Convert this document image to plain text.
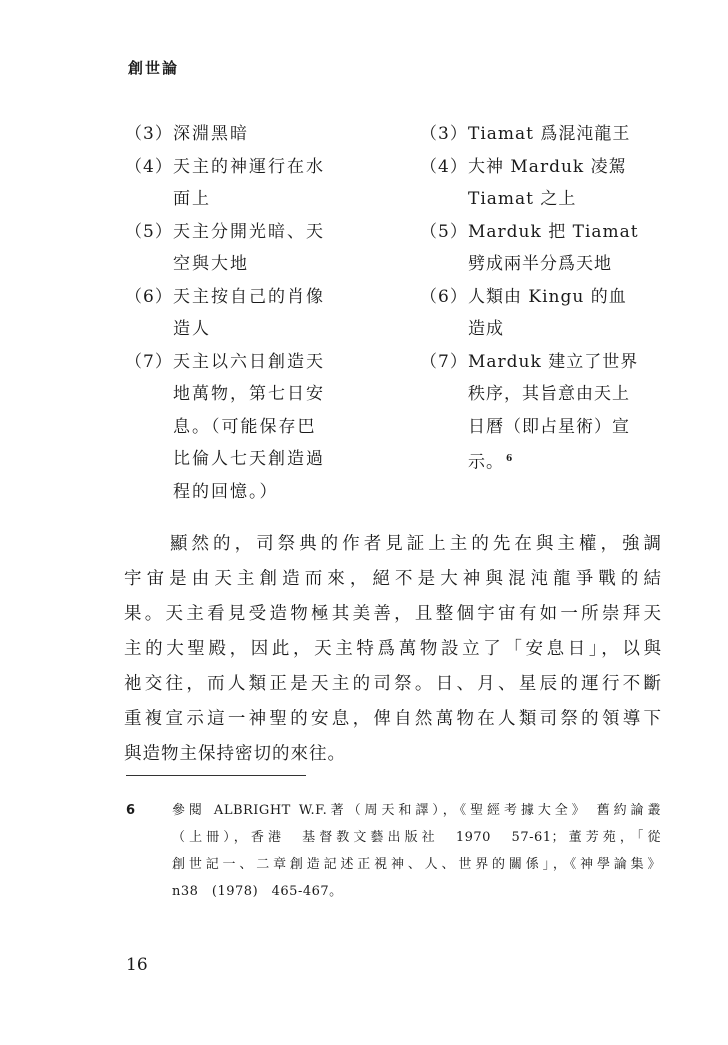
創世論
（3） 深淵黑暗
（4） 天主的神運行在水
面上
（5） 天主分開光暗、天
空與大地
（6） 天主按自己的肖像
造人
（7） 天主以六日創造天
地萬物，第七日安
息。（可能保存巴
比倫人七天創造過
程的回憶。）
（3） Tiamat 爲混沌龍王
（4） 大神 Marduk 凌駕
Tiamat 之上
（5） Marduk 把 Tiamat
劈成兩半分爲天地
（6） 人類由 Kingu 的血
造成
（7） Marduk 建立了世界
秩序，其旨意由天上
日曆（即占星術）宣
示。 $^6$
顯然的，司祭典的作者見証上主的先在與主權，強調
宇宙是由天主創造而來，絕不是大神與混沌龍爭戰的結
果。天主看見受造物極其美善，且整個宇宙有如一所崇拜天
主的大聖殿，因此，天主特爲萬物設立了「安息日」，以與
祂交往，而人類正是天主的司祭。日、月、星辰的運行不斷
重複宣示這一神聖的安息，俾自然萬物在人類司祭的領導下
與造物主保持密切的來往。
6	參閱 ALBRIGHT W.F.著（周天和譯），《聖經考據大全》 舊約論叢
（上冊），香港　基督教文藝出版社　1970　57-61；董芳苑，「從
創世記一、二章創造記述正視神、人、世界的關係」，《神學論集》
n38　(1978)　465-467。
16
